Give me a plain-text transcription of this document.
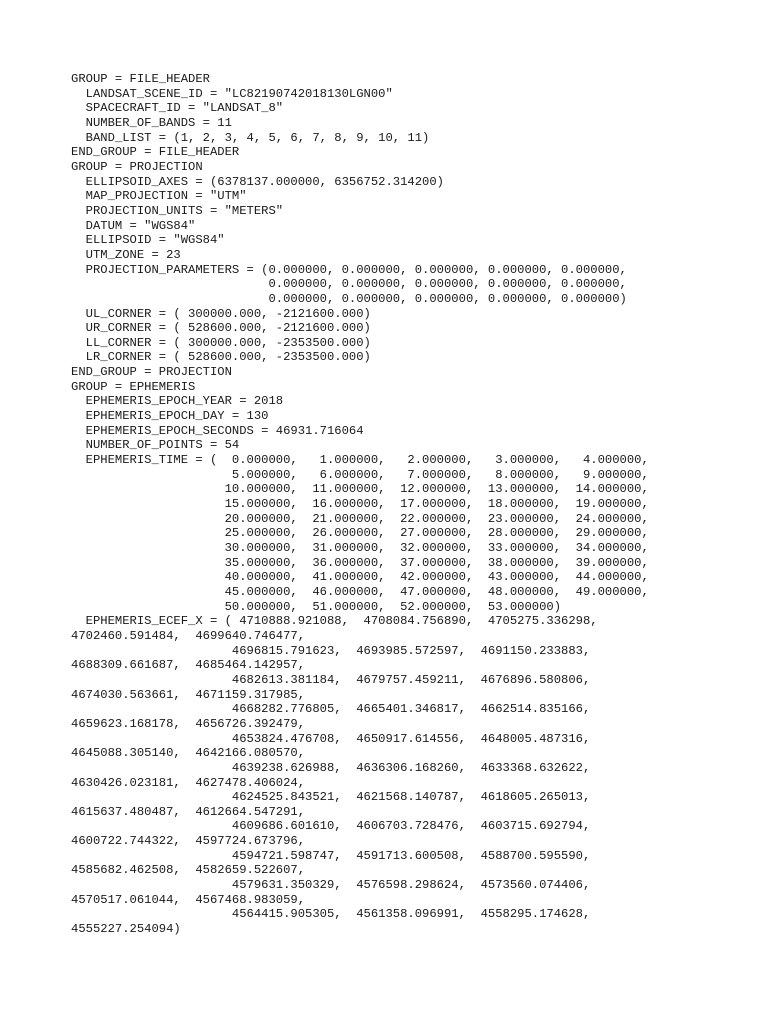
GROUP = FILE_HEADER
LANDSAT_SCENE_ID = "LC82190742018130LGN00"
SPACECRAFT_ID = "LANDSAT_8"
NUMBER_OF_BANDS = 11
BAND_LIST = (1, 2, 3, 4, 5, 6, 7, 8, 9, 10, 11)
END_GROUP = FILE_HEADER
GROUP = PROJECTION
ELLIPSOID_AXES = (6378137.000000, 6356752.314200)
MAP_PROJECTION = "UTM"
PROJECTION_UNITS = "METERS"
DATUM = "WGS84"
ELLIPSOID = "WGS84"
UTM_ZONE = 23
PROJECTION_PARAMETERS = (0.000000, 0.000000, 0.000000, 0.000000, 0.000000,
0.000000, 0.000000, 0.000000, 0.000000, 0.000000,
0.000000, 0.000000, 0.000000, 0.000000, 0.000000)
UL_CORNER = ( 300000.000, -2121600.000)
UR_CORNER = ( 528600.000, -2121600.000)
LL_CORNER = ( 300000.000, -2353500.000)
LR_CORNER = ( 528600.000, -2353500.000)
END_GROUP = PROJECTION
GROUP = EPHEMERIS
EPHEMERIS_EPOCH_YEAR = 2018
EPHEMERIS_EPOCH_DAY = 130
EPHEMERIS_EPOCH_SECONDS = 46931.716064
NUMBER_OF_POINTS = 54
EPHEMERIS_TIME = (  0.000000,   1.000000,   2.000000,   3.000000,   4.000000,
5.000000,   6.000000,   7.000000,   8.000000,   9.000000,
10.000000,  11.000000,  12.000000,  13.000000,  14.000000,
15.000000,  16.000000,  17.000000,  18.000000,  19.000000,
20.000000,  21.000000,  22.000000,  23.000000,  24.000000,
25.000000,  26.000000,  27.000000,  28.000000,  29.000000,
30.000000,  31.000000,  32.000000,  33.000000,  34.000000,
35.000000,  36.000000,  37.000000,  38.000000,  39.000000,
40.000000,  41.000000,  42.000000,  43.000000,  44.000000,
45.000000,  46.000000,  47.000000,  48.000000,  49.000000,
50.000000,  51.000000,  52.000000,  53.000000)
EPHEMERIS_ECEF_X = ( 4710888.921088,  4708084.756890,  4705275.336298,
4702460.591484,  4699640.746477,
4696815.791623,  4693985.572597,  4691150.233883,
4688309.661687,  4685464.142957,
4682613.381184,  4679757.459211,  4676896.580806,
4674030.563661,  4671159.317985,
4668282.776805,  4665401.346817,  4662514.835166,
4659623.168178,  4656726.392479,
4653824.476708,  4650917.614556,  4648005.487316,
4645088.305140,  4642166.080570,
4639238.626988,  4636306.168260,  4633368.632622,
4630426.023181,  4627478.406024,
4624525.843521,  4621568.140787,  4618605.265013,
4615637.480487,  4612664.547291,
4609686.601610,  4606703.728476,  4603715.692794,
4600722.744322,  4597724.673796,
4594721.598747,  4591713.600508,  4588700.595590,
4585682.462508,  4582659.522607,
4579631.350329,  4576598.298624,  4573560.074406,
4570517.061044,  4567468.983059,
4564415.905305,  4561358.096991,  4558295.174628,
4555227.254094)
